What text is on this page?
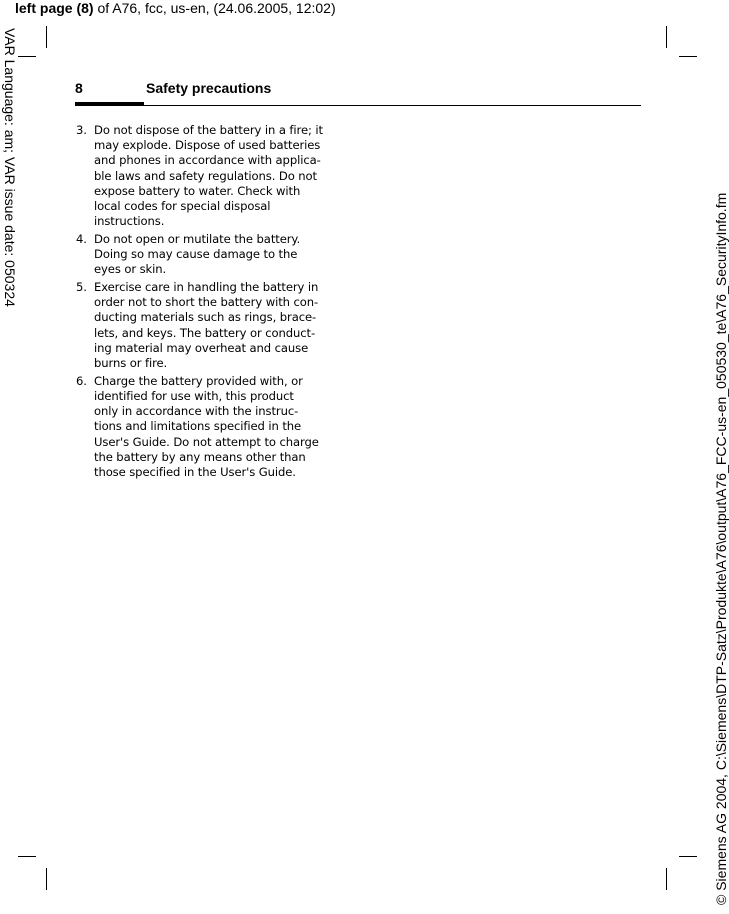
left page (8) of A76, fcc, us-en, (24.06.2005, 12:02)
VAR Language: am; VAR issue date: 050324
© Siemens AG 2004, C:\Siemens\DTP-Satz\Produkte\A76\output\A76_FCC-us-en_050530_te\A76_SecurityInfo.fm
8	Safety precautions
3. Do not dispose of the battery in a fire; it
may explode. Dispose of used batteries
and phones in accordance with applica-
ble laws and safety regulations. Do not
expose battery to water. Check with
local codes for special disposal
instructions.
4. Do not open or mutilate the battery.
Doing so may cause damage to the
eyes or skin.
5. Exercise care in handling the battery in
order not to short the battery with con-
ducting materials such as rings, brace-
lets, and keys. The battery or conduct-
ing material may overheat and cause
burns or fire.
6. Charge the battery provided with, or
identified for use with, this product
only in accordance with the instruc-
tions and limitations specified in the
User's Guide. Do not attempt to charge
the battery by any means other than
those specified in the User's Guide.
